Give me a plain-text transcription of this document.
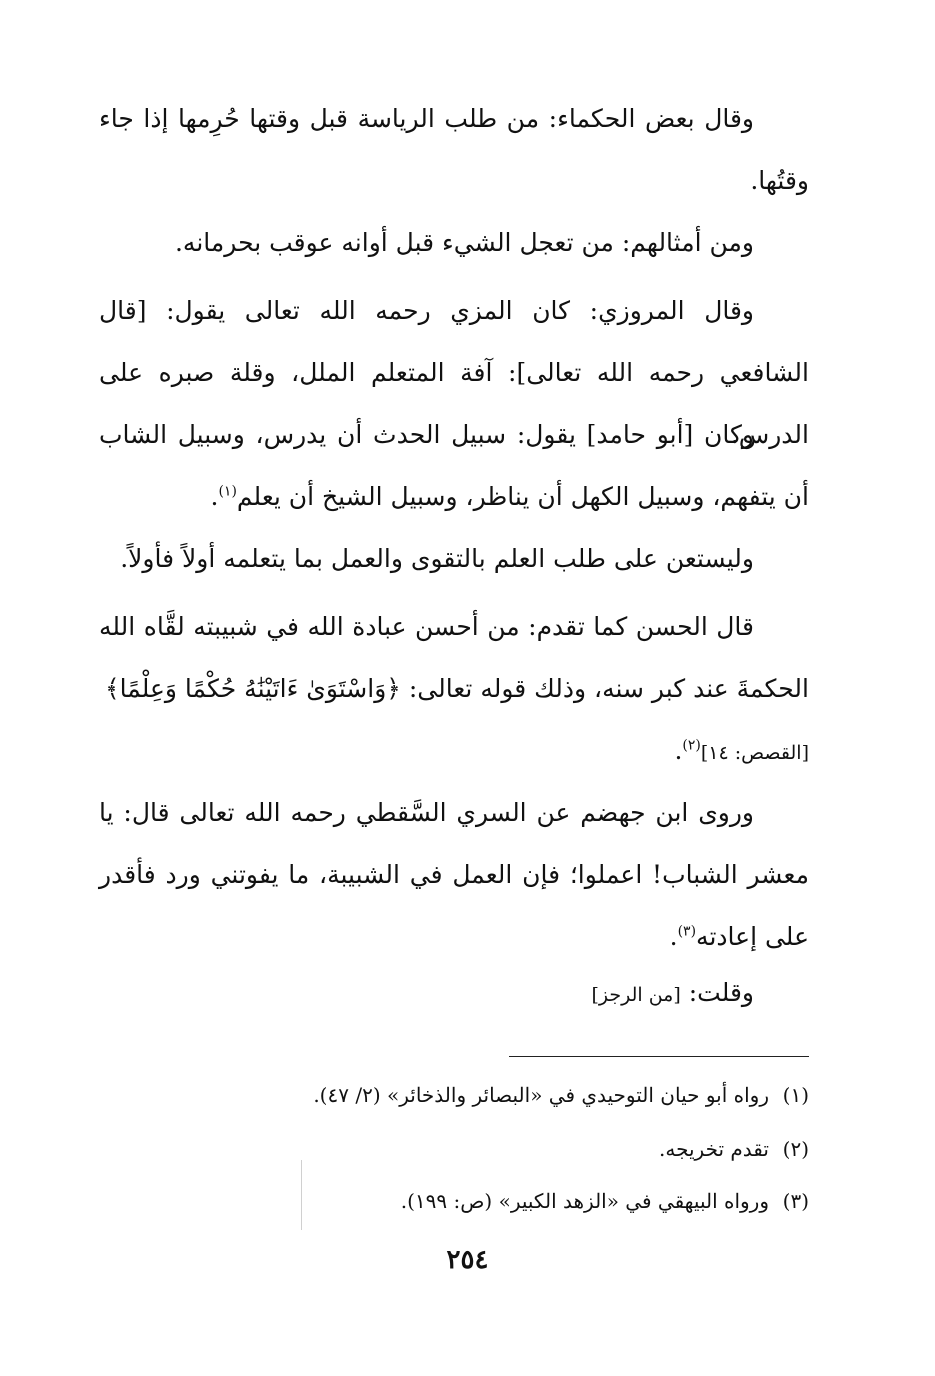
وقال بعض الحكماء: من طلب الرياسة قبل وقتها حُرِمها إذا جاء وقتُها.

ومن أمثالهم: من تعجل الشيء قبل أوانه عوقب بحرمانه.

وقال المروزي: كان المزي رحمه الله تعالى يقول: [قال الشافعي رحمه الله تعالى]: آفة المتعلم الملل، وقلة صبره على الدرس.

وكان [أبو حامد] يقول: سبيل الحدث أن يدرس، وسبيل الشاب أن يتفهم، وسبيل الكهل أن يناظر، وسبيل الشيخ أن يعلم$^{(١)}$.

وليستعن على طلب العلم بالتقوى والعمل بما يتعلمه أولاً فأولاً.

قال الحسن كما تقدم: من أحسن عبادة الله في شبيبته لقَّاه الله الحكمةَ عند كبر سنه، وذلك قوله تعالى: ﴿وَاسْتَوَىٰ ءَاتَيْنَٰهُ حُكْمًا وَعِلْمًا﴾
[القصص: ١٤]$^{(٢)}$.

وروى ابن جهضم عن السري السَّقطي رحمه الله تعالى قال: يا معشر الشباب! اعملوا؛ فإن العمل في الشبيبة، ما يفوتني ورد فأقدر على إعادته$^{(٣)}$.

وقلت: [من الرجز]

(١)رواه أبو حيان التوحيدي في «البصائر والذخائر» (٢/ ٤٧).

(٢)تقدم تخريجه.

(٣)ورواه البيهقي في «الزهد الكبير» (ص: ١٩٩).

٢٥٤
